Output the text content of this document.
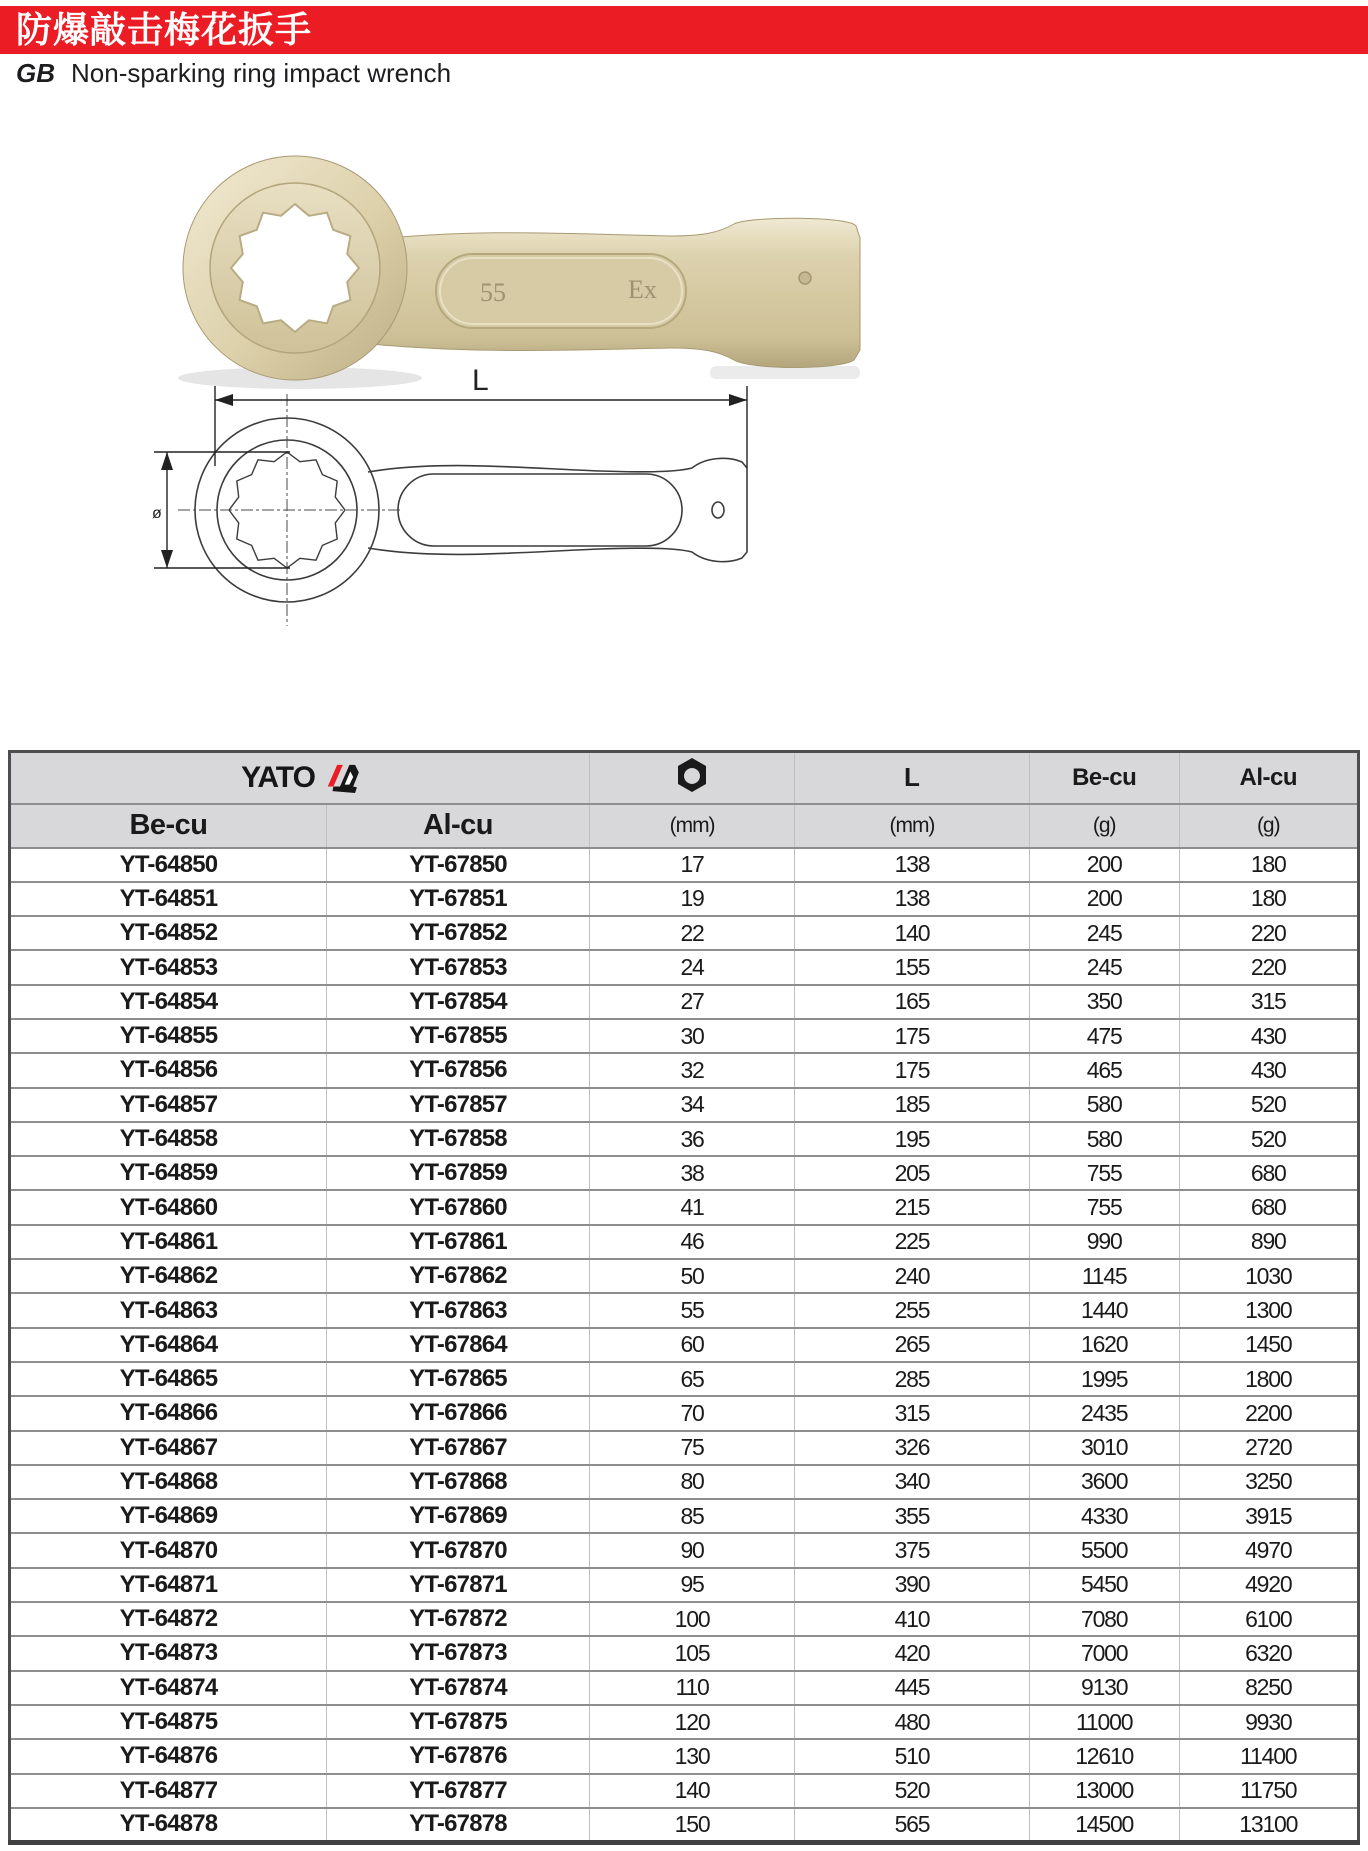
防爆敲击梅花扳手
GB Non-sparking ring impact wrench
55	Ex
L
ø
YATO			L	Be-cu	Al-cu
Be-cu	Al-cu	(mm)	(mm)	(g)	(g)
YT-64850	YT-67850	17	138	200	180
YT-64851	YT-67851	19	138	200	180
YT-64852	YT-67852	22	140	245	220
YT-64853	YT-67853	24	155	245	220
YT-64854	YT-67854	27	165	350	315
YT-64855	YT-67855	30	175	475	430
YT-64856	YT-67856	32	175	465	430
YT-64857	YT-67857	34	185	580	520
YT-64858	YT-67858	36	195	580	520
YT-64859	YT-67859	38	205	755	680
YT-64860	YT-67860	41	215	755	680
YT-64861	YT-67861	46	225	990	890
YT-64862	YT-67862	50	240	1145	1030
YT-64863	YT-67863	55	255	1440	1300
YT-64864	YT-67864	60	265	1620	1450
YT-64865	YT-67865	65	285	1995	1800
YT-64866	YT-67866	70	315	2435	2200
YT-64867	YT-67867	75	326	3010	2720
YT-64868	YT-67868	80	340	3600	3250
YT-64869	YT-67869	85	355	4330	3915
YT-64870	YT-67870	90	375	5500	4970
YT-64871	YT-67871	95	390	5450	4920
YT-64872	YT-67872	100	410	7080	6100
YT-64873	YT-67873	105	420	7000	6320
YT-64874	YT-67874	110	445	9130	8250
YT-64875	YT-67875	120	480	11000	9930
YT-64876	YT-67876	130	510	12610	11400
YT-64877	YT-67877	140	520	13000	11750
YT-64878	YT-67878	150	565	14500	13100
